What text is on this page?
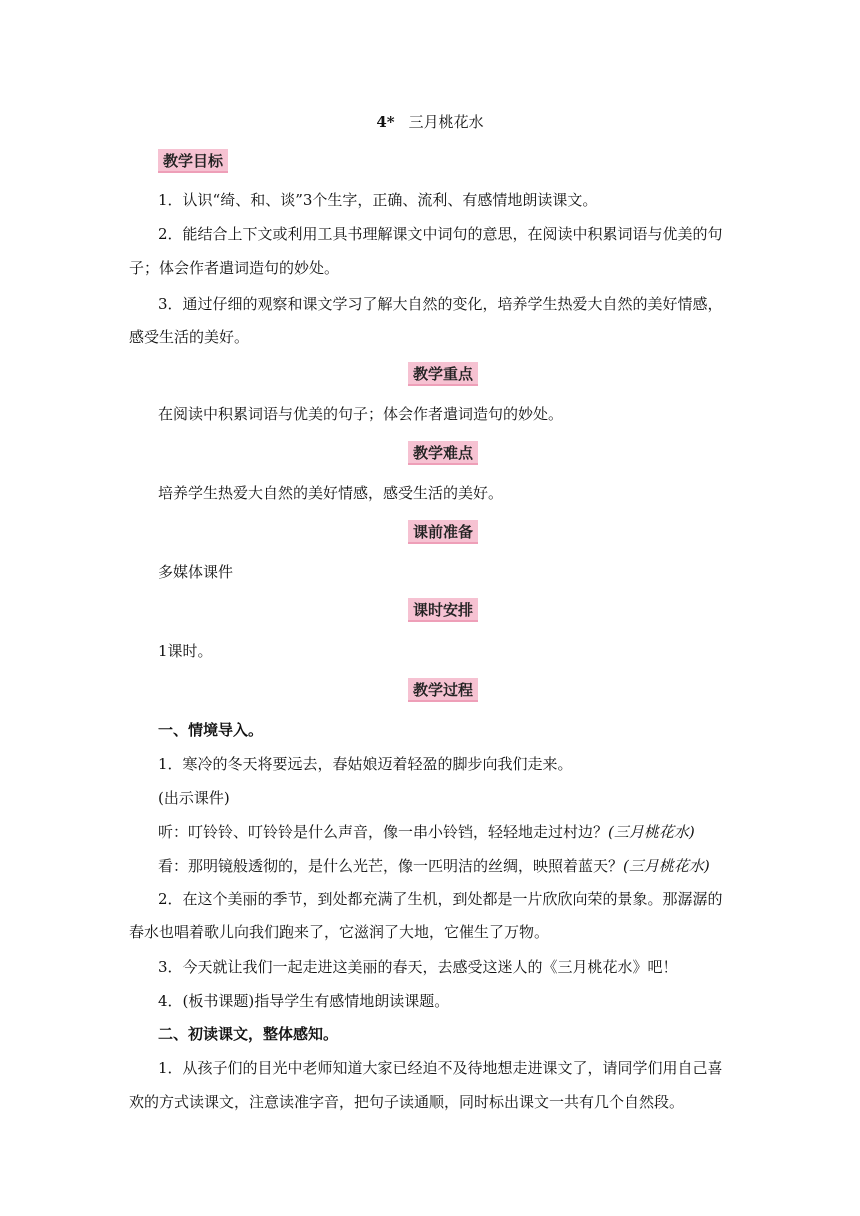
4* 三月桃花水
教学目标
1．认识“绮、和、谈”3个生字，正确、流利、有感情地朗读课文。
2．能结合上下文或利用工具书理解课文中词句的意思，在阅读中积累词语与优美的句
子；体会作者遣词造句的妙处。
3．通过仔细的观察和课文学习了解大自然的变化，培养学生热爱大自然的美好情感，
感受生活的美好。
教学重点
在阅读中积累词语与优美的句子；体会作者遣词造句的妙处。
教学难点
培养学生热爱大自然的美好情感，感受生活的美好。
课前准备
多媒体课件
课时安排
1课时。
教学过程
一、情境导入。
1．寒冷的冬天将要远去，春姑娘迈着轻盈的脚步向我们走来。
(出示课件)
听：叮铃铃、叮铃铃是什么声音，像一串小铃铛，轻轻地走过村边？(三月桃花水)
看：那明镜般透彻的，是什么光芒，像一匹明洁的丝绸，映照着蓝天？(三月桃花水)
2．在这个美丽的季节，到处都充满了生机，到处都是一片欣欣向荣的景象。那潺潺的
春水也唱着歌儿向我们跑来了，它滋润了大地，它催生了万物。
3．今天就让我们一起走进这美丽的春天，去感受这迷人的《三月桃花水》吧！
4．(板书课题)指导学生有感情地朗读课题。
二、初读课文，整体感知。
1．从孩子们的目光中老师知道大家已经迫不及待地想走进课文了，请同学们用自己喜
欢的方式读课文，注意读准字音，把句子读通顺，同时标出课文一共有几个自然段。
